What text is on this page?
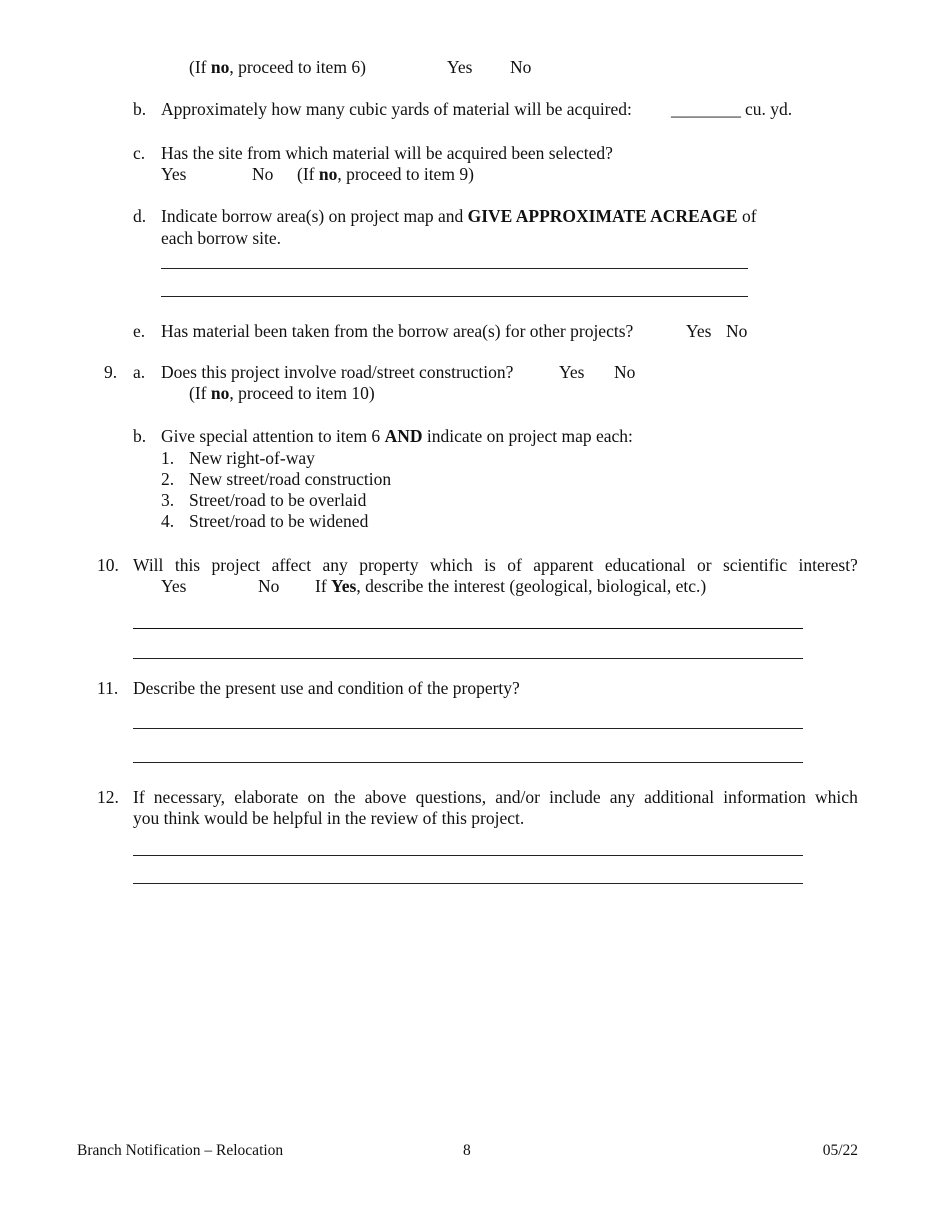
(If no, proceed to item 6)	Yes No
b. Approximately how many cubic yards of material will be acquired: ________ cu. yd.
c. Has the site from which material will be acquired been selected?
Yes	No (If no, proceed to item 9)
d. Indicate borrow area(s) on project map and GIVE APPROXIMATE ACREAGE of
each borrow site.
e. Has material been taken from the borrow area(s) for other projects?	Yes No
9. a. Does this project involve road/street construction?	Yes No
(If no, proceed to item 10)
b. Give special attention to item 6 AND indicate on project map each:
1. New right-of-way
2. New street/road construction
3. Street/road to be overlaid
4. Street/road to be widened
10. Will this project affect any property which is of apparent educational or scientific interest?
Yes	No If Yes, describe the interest (geological, biological, etc.)
11. Describe the present use and condition of the property?
12. If necessary, elaborate on the above questions, and/or include any additional information which
you think would be helpful in the review of this project.
Branch Notification – Relocation	8	05/22
